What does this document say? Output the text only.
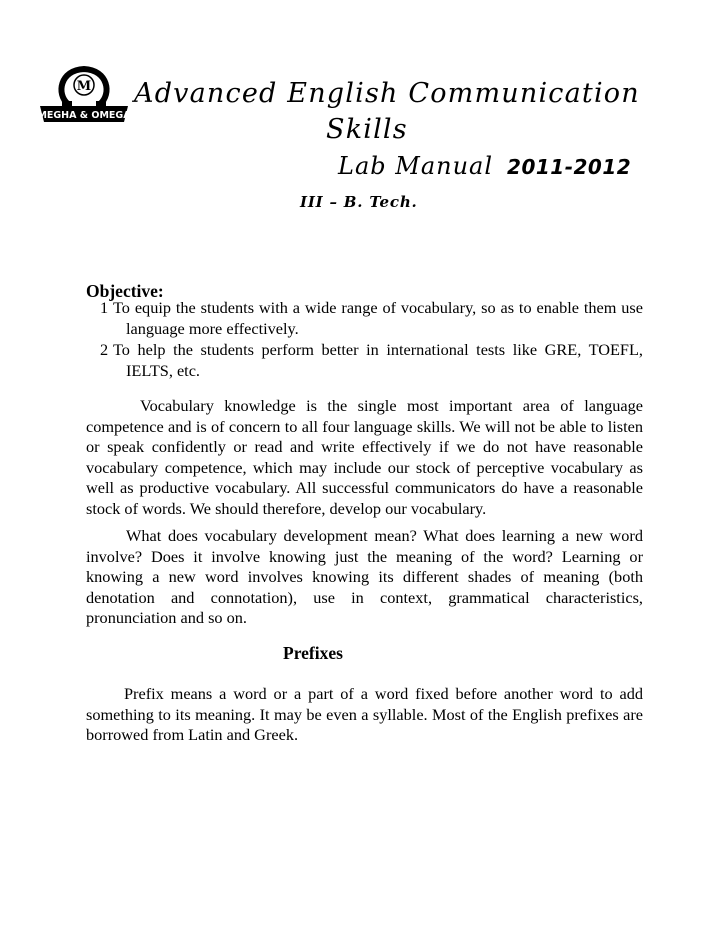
M
MEGHA & OMEGA
Advanced English Communication
Skills
Lab Manual 2011-2012
III – B. Tech.
Objective:
1 To equip the students with a wide range of vocabulary, so as to enable them use language more effectively.
2 To help the students perform better in international tests like GRE, TOEFL, IELTS, etc.
Vocabulary knowledge is the single most important area of language competence and is of concern to all four language skills. We will not be able to listen or speak confidently or read and write effectively if we do not have reasonable vocabulary competence, which may include our stock of perceptive vocabulary as well as productive vocabulary. All successful communicators do have a reasonable stock of words. We should therefore, develop our vocabulary.
What does vocabulary development mean? What does learning a new word involve? Does it involve knowing just the meaning of the word? Learning or knowing a new word involves knowing its different shades of meaning (both denotation and connotation), use in context, grammatical characteristics, pronunciation and so on.
Prefixes
Prefix means a word or a part of a word fixed before another word to add something to its meaning. It may be even a syllable. Most of the English prefixes are borrowed from Latin and Greek.
